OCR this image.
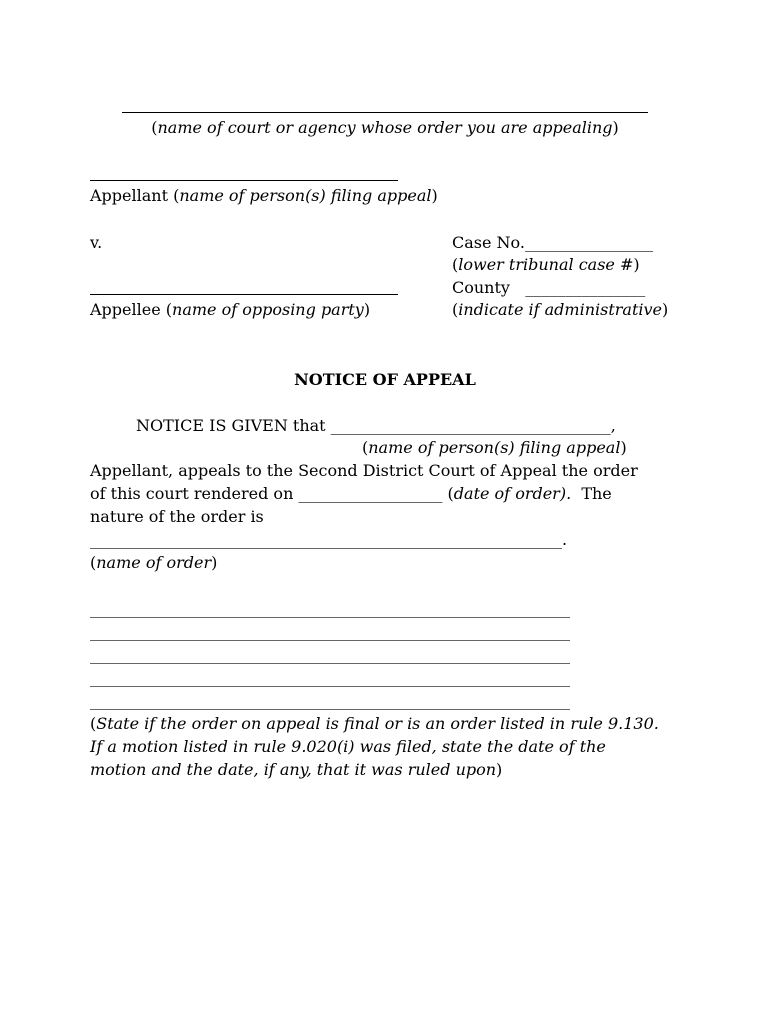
(name of court or agency whose order you are appealing)
Appellant (name of person(s) filing appeal)
v.	Case No.________________
(lower tribunal case #)
County   _______________
(indicate if administrative)
Appellee (name of opposing party)
NOTICE OF APPEAL
NOTICE IS GIVEN that ___________________________________,
(name of person(s) filing appeal)
Appellant, appeals to the Second District Court of Appeal the order
of this court rendered on __________________ (date of order).  The
nature of the order is
___________________________________________________________.
(name of order)
____________________________________________________________
____________________________________________________________
____________________________________________________________
____________________________________________________________
____________________________________________________________
(State if the order on appeal is final or is an order listed in rule 9.130.
If a motion listed in rule 9.020(i) was filed, state the date of the
motion and the date, if any, that it was ruled upon)
